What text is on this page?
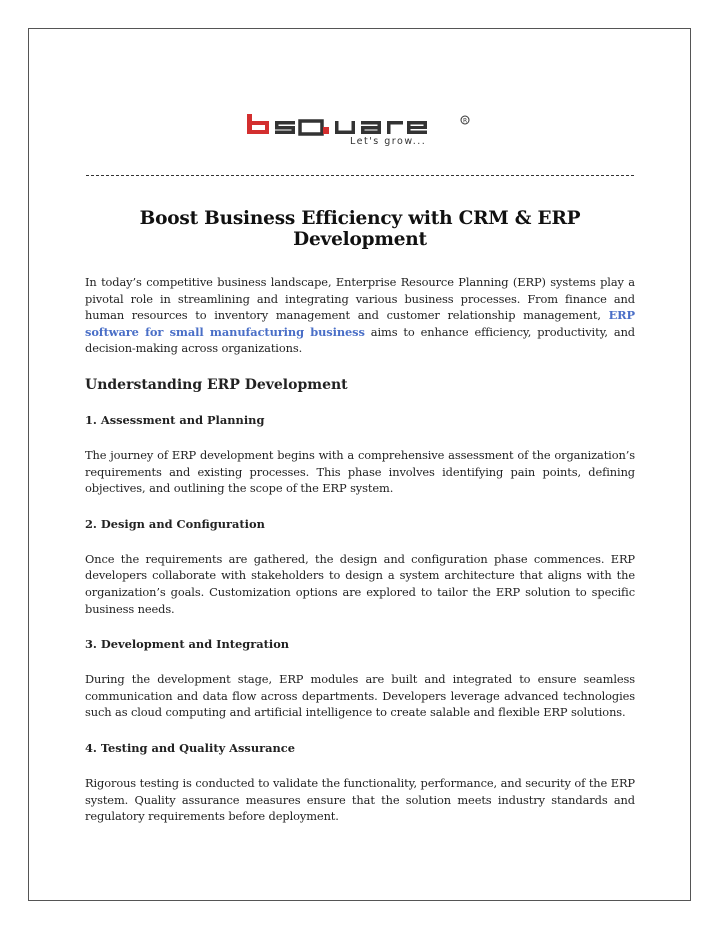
R
Let's grow...
Boost Business Efficiency with CRM & ERP Development

In today’s competitive business landscape, Enterprise Resource Planning (ERP) systems play a pivotal role in streamlining and integrating various business processes. From finance and human resources to inventory management and customer relationship management, ERP software for small manufacturing business aims to enhance efficiency, productivity, and decision-making across organizations.

Understanding ERP Development
1. Assessment and Planning

The journey of ERP development begins with a comprehensive assessment of the organization’s requirements and existing processes. This phase involves identifying pain points, defining objectives, and outlining the scope of the ERP system.

2. Design and Configuration

Once the requirements are gathered, the design and configuration phase commences. ERP developers collaborate with stakeholders to design a system architecture that aligns with the organization’s goals. Customization options are explored to tailor the ERP solution to specific business needs.

3. Development and Integration

During the development stage, ERP modules are built and integrated to ensure seamless communication and data flow across departments. Developers leverage advanced technologies such as cloud computing and artificial intelligence to create salable and flexible ERP solutions.

4. Testing and Quality Assurance

Rigorous testing is conducted to validate the functionality, performance, and security of the ERP system. Quality assurance measures ensure that the solution meets industry standards and regulatory requirements before deployment.
